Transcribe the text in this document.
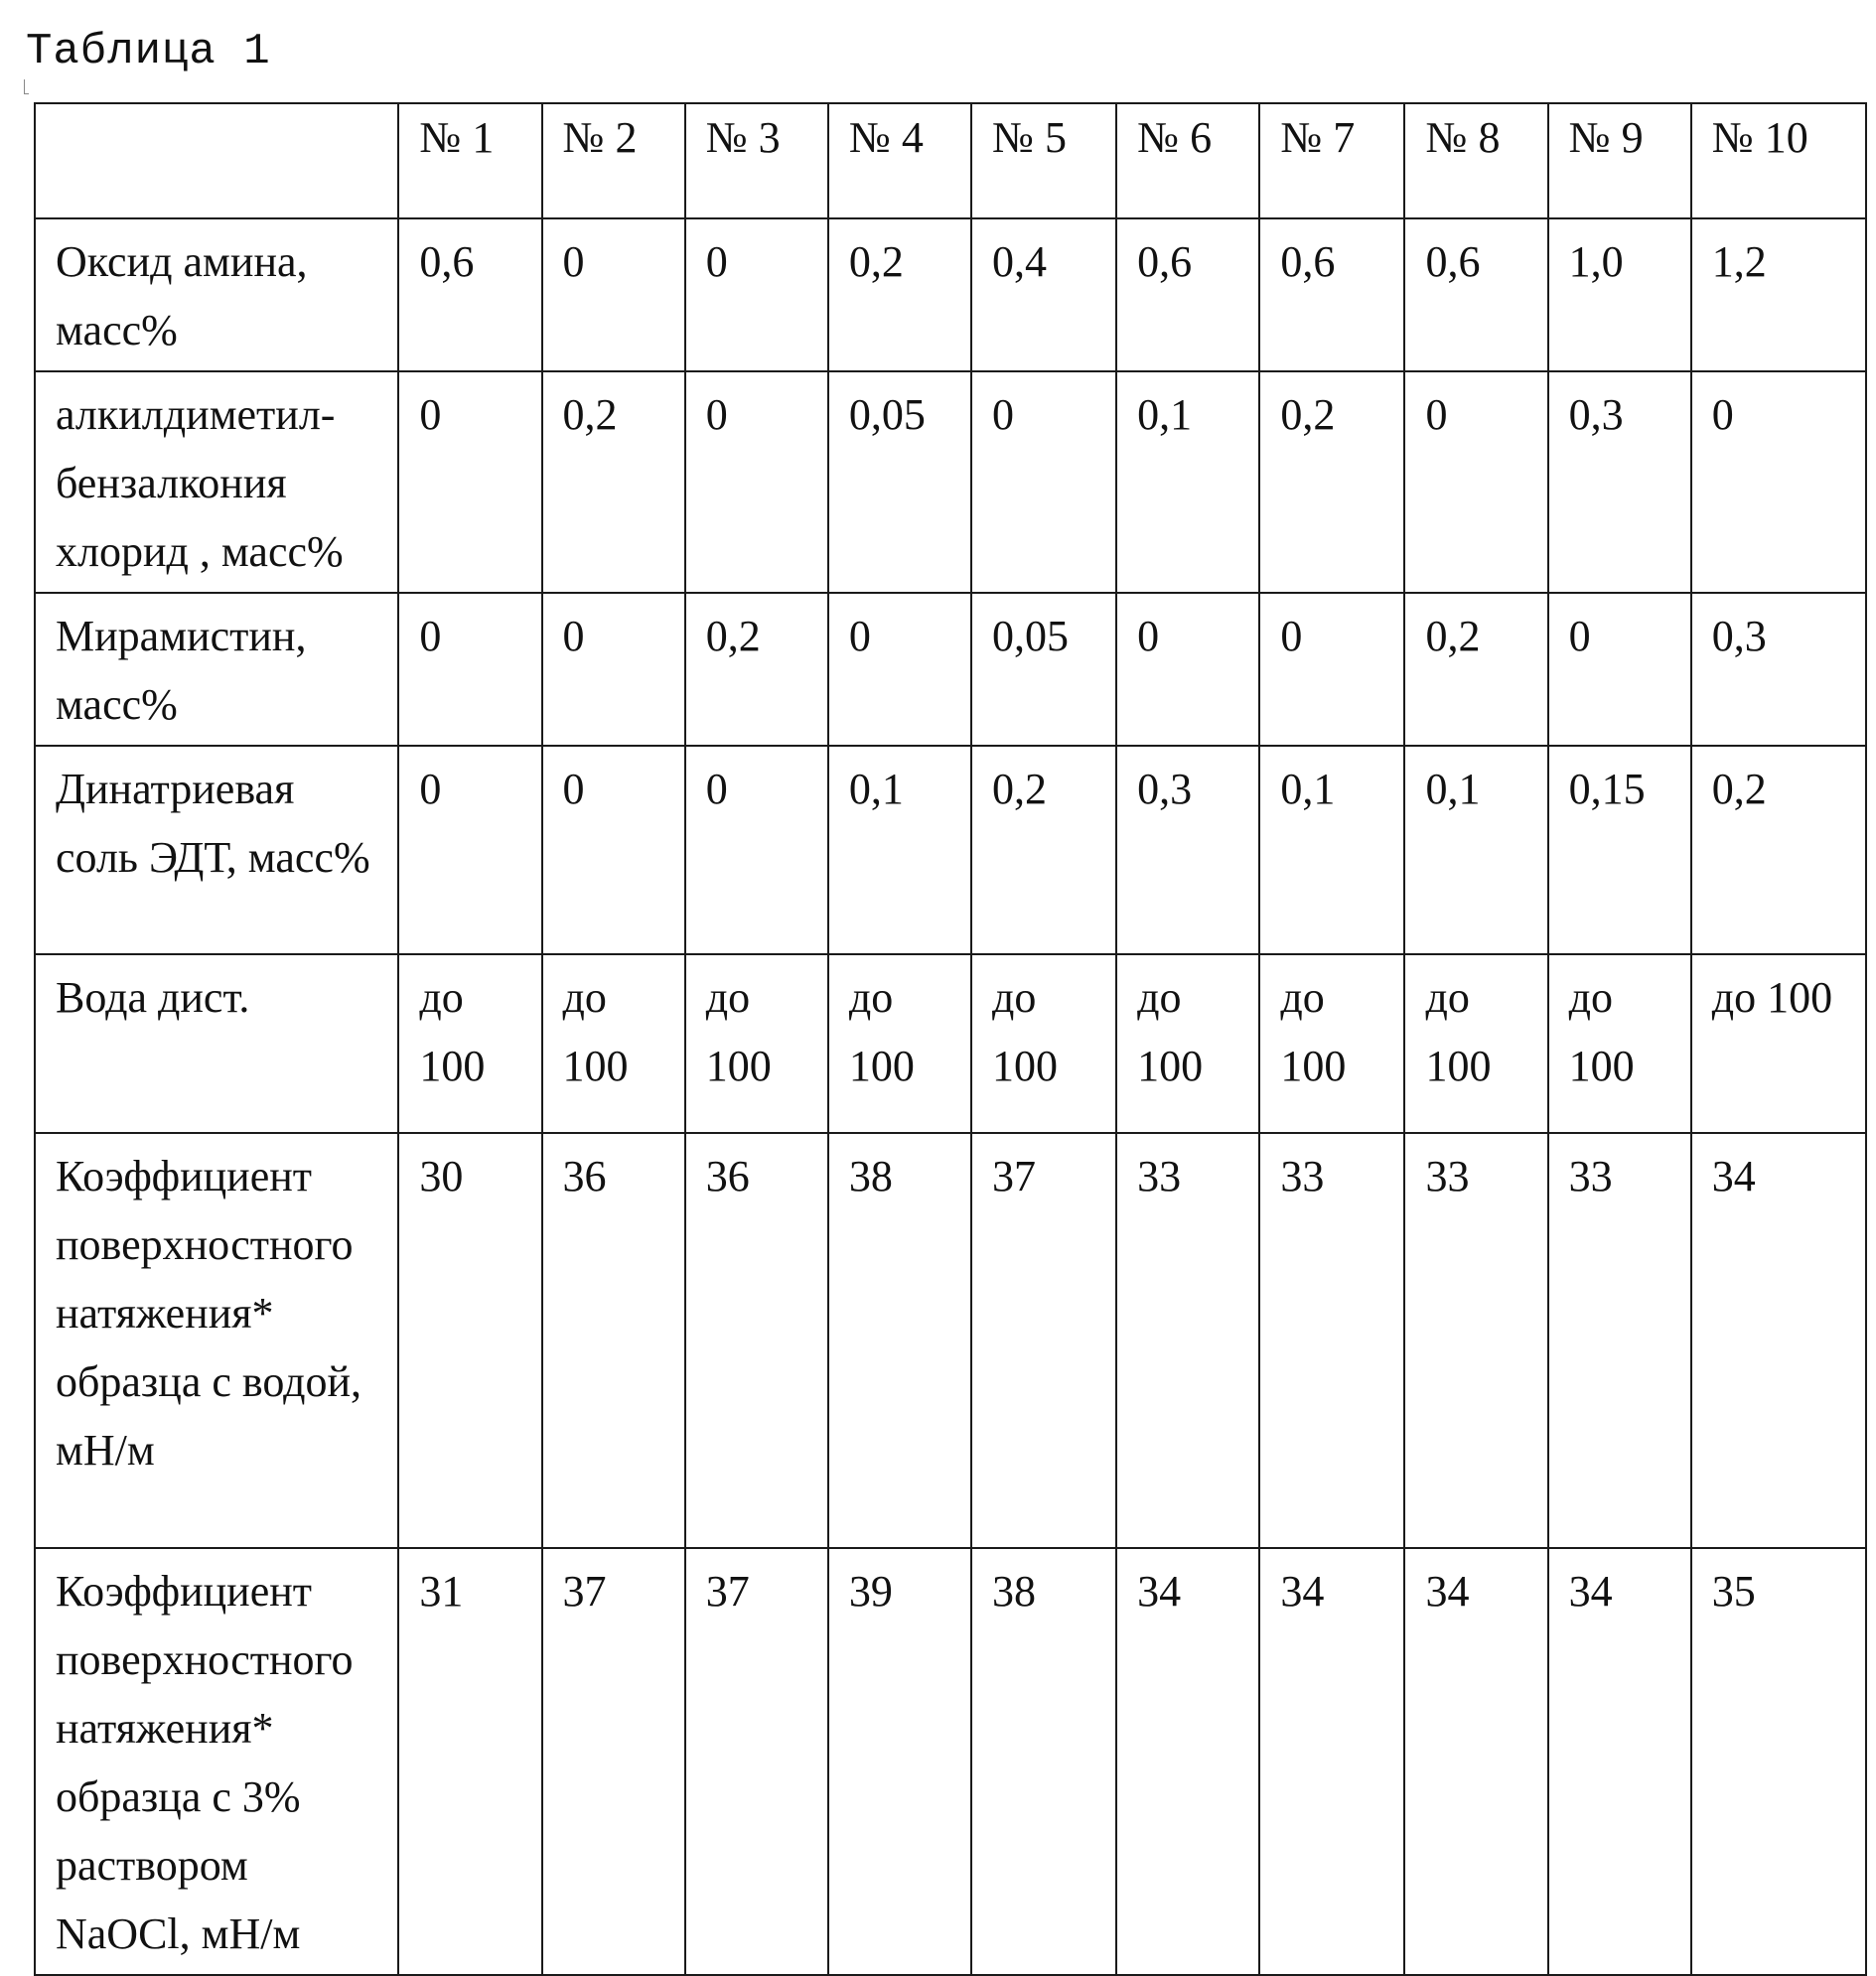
Таблица 1
	№ 1	№ 2	№ 3	№ 4	№ 5	№ 6	№ 7	№ 8	№ 9	№ 10
Оксид амина, масс%	0,6	0	0	0,2	0,4	0,6	0,6	0,6	1,0	1,2
алкилдиметил-бензалкония хлорид , масс%	0	0,2	0	0,05	0	0,1	0,2	0	0,3	0
Мирамистин, масс%	0	0	0,2	0	0,05	0	0	0,2	0	0,3
Динатриевая соль ЭДТ, масс%	0	0	0	0,1	0,2	0,3	0,1	0,1	0,15	0,2
Вода дист.	до 100	до 100	до 100	до 100	до 100	до 100	до 100	до 100	до 100	до 100
Коэффициент поверхностного натяжения* образца с водой, мН/м	30	36	36	38	37	33	33	33	33	34
Коэффициент поверхностного натяжения* образца с 3% раствором NaOCl, мН/м	31	37	37	39	38	34	34	34	34	35
